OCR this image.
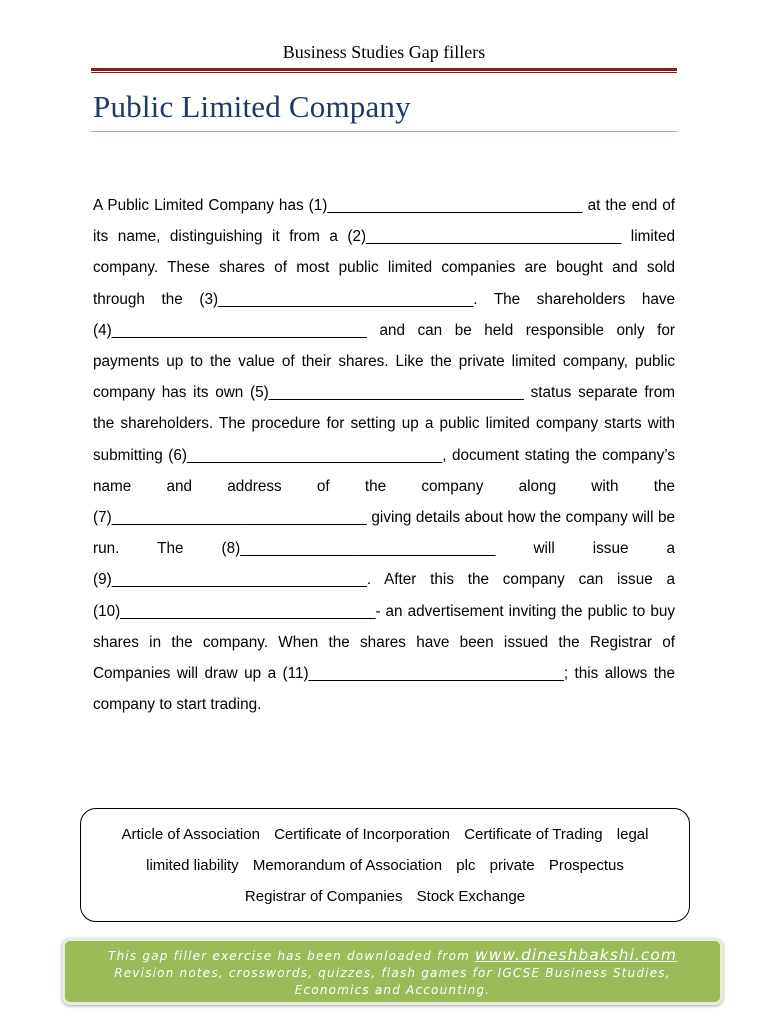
Business Studies Gap fillers
Public Limited Company
A Public Limited Company has (1)______________________________ at the end of its name, distinguishing it from a (2)______________________________ limited company. These shares of most public limited companies are bought and sold through the (3)______________________________. The shareholders have (4)______________________________ and can be held responsible only for payments up to the value of their shares. Like the private limited company, public company has its own (5)______________________________ status separate from the shareholders. The procedure for setting up a public limited company starts with submitting (6)______________________________, document stating the company’s name and address of the company along with the (7)______________________________ giving details about how the company will be run. The (8)______________________________ will issue a (9)______________________________. After this the company can issue a (10)______________________________- an advertisement inviting the public to buy shares in the company. When the shares have been issued the Registrar of Companies will draw up a (11)______________________________; this allows the company to start trading.
Article of Association Certificate of Incorporation Certificate of Trading legal limited liability Memorandum of Association plc private Prospectus Registrar of Companies Stock Exchange
This gap filler exercise has been downloaded from www.dineshbakshi.com
Revision notes, crosswords, quizzes, flash games for IGCSE Business Studies,
Economics and Accounting.
